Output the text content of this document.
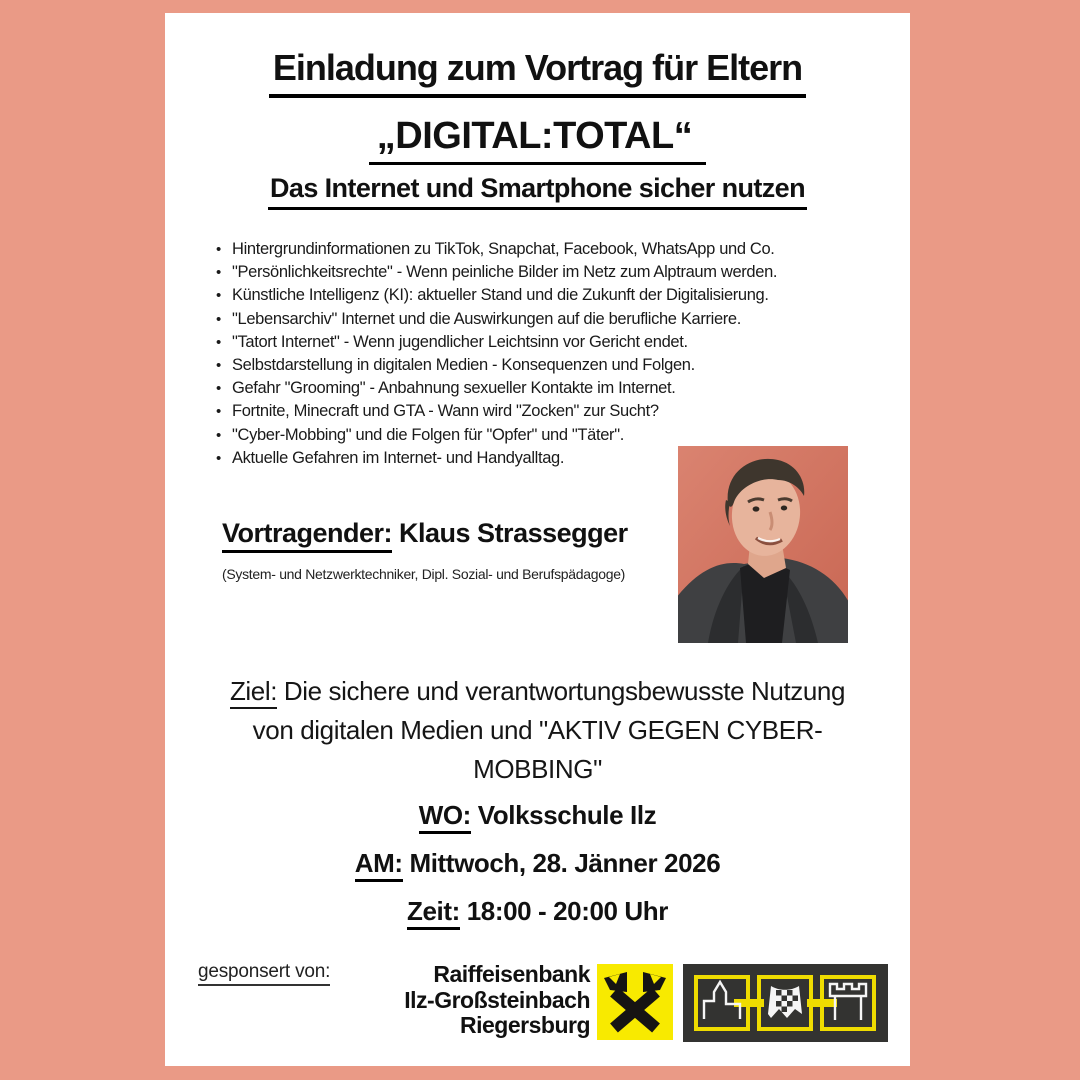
Einladung zum Vortrag für Eltern
„DIGITAL:TOTAL“
Das Internet und Smartphone sicher nutzen
• Hintergrundinformationen zu TikTok, Snapchat, Facebook, WhatsApp und Co.
• "Persönlichkeitsrechte" - Wenn peinliche Bilder im Netz zum Alptraum werden.
• Künstliche Intelligenz (KI): aktueller Stand und die Zukunft der Digitalisierung.
• "Lebensarchiv" Internet und die Auswirkungen auf die berufliche Karriere.
• "Tatort Internet" - Wenn jugendlicher Leichtsinn vor Gericht endet.
• Selbstdarstellung in digitalen Medien - Konsequenzen und Folgen.
• Gefahr "Grooming" - Anbahnung sexueller Kontakte im Internet.
• Fortnite, Minecraft und GTA - Wann wird "Zocken" zur Sucht?
• "Cyber-Mobbing" und die Folgen für "Opfer" und "Täter".
• Aktuelle Gefahren im Internet- und Handyalltag.
Vortragender: Klaus Strassegger
(System- und Netzwerktechniker, Dipl. Sozial- und Berufspädagoge)
Ziel: Die sichere und verantwortungsbewusste Nutzung von digitalen Medien und "AKTIV GEGEN CYBER-MOBBING"
WO: Volksschule Ilz
AM: Mittwoch, 28. Jänner 2026
Zeit: 18:00 - 20:00 Uhr
gesponsert von:	Raiffeisenbank
Ilz-Großsteinbach
Riegersburg
